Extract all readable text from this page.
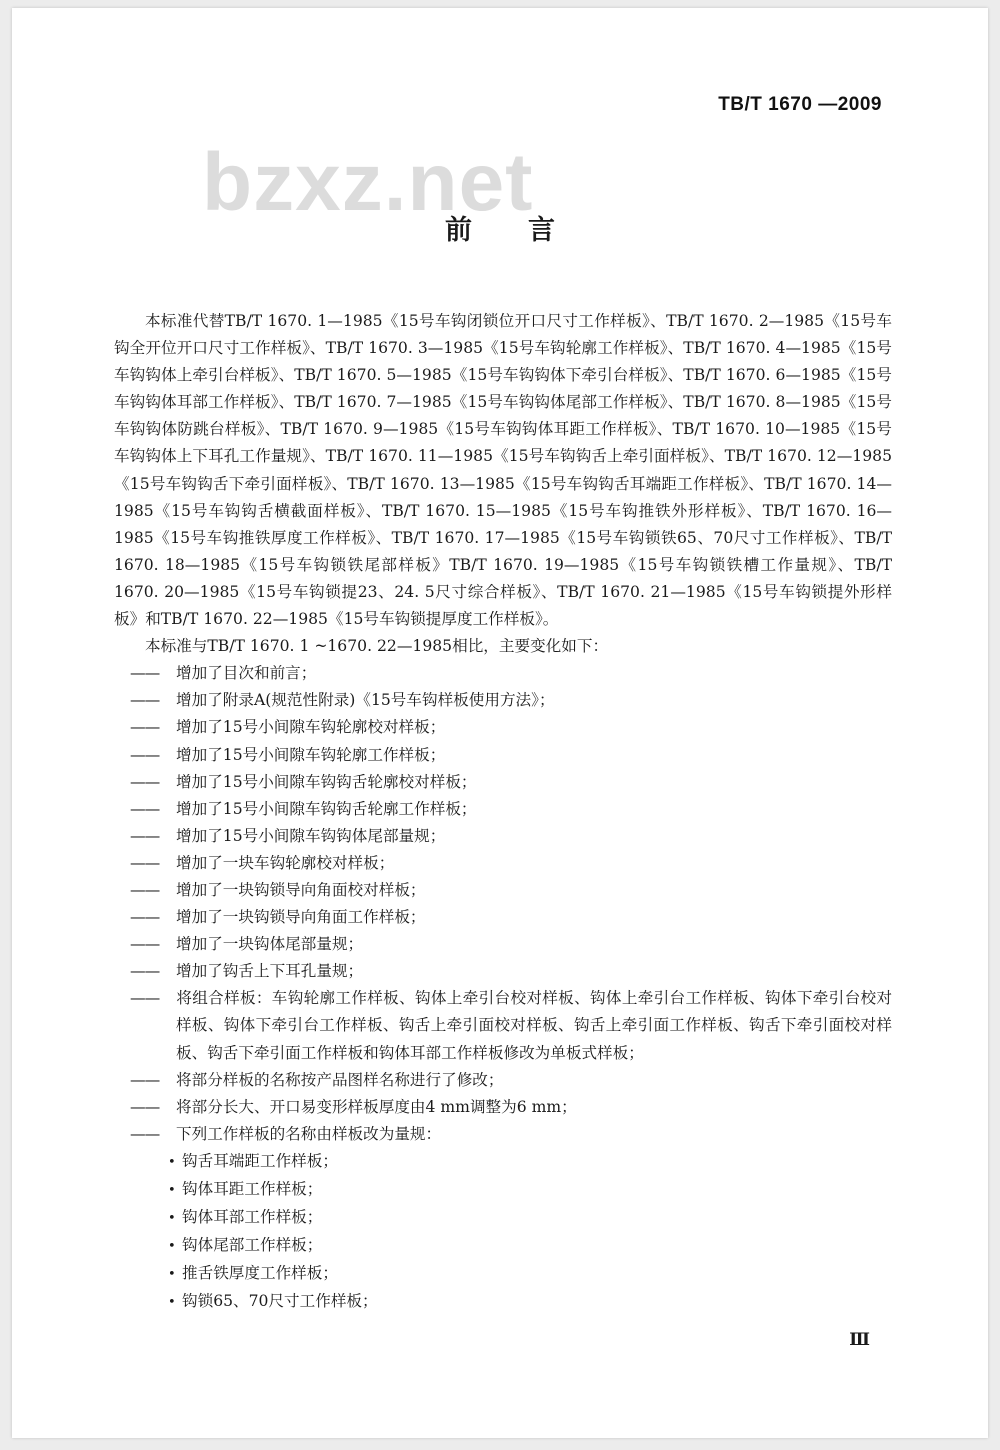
TB/T 1670 —2009
bzxz.net
前言

本标准代替TB/T 1670. 1—1985《15号车钩闭锁位开口尺寸工作样板》、TB/T 1670. 2—1985《15号车钩全开位开口尺寸工作样板》、TB/T 1670. 3—1985《15号车钩轮廓工作样板》、TB/T 1670. 4—1985《15号车钩钩体上牵引台样板》、TB/T 1670. 5—1985《15号车钩钩体下牵引台样板》、TB/T 1670. 6—1985《15号车钩钩体耳部工作样板》、TB/T 1670. 7—1985《15号车钩钩体尾部工作样板》、TB/T 1670. 8—1985《15号车钩钩体防跳台样板》、TB/T 1670. 9—1985《15号车钩钩体耳距工作样板》、TB/T 1670. 10—1985《15号车钩钩体上下耳孔工作量规》、TB/T 1670. 11—1985《15号车钩钩舌上牵引面样板》、TB/T 1670. 12—1985《15号车钩钩舌下牵引面样板》、TB/T 1670. 13—1985《15号车钩钩舌耳端距工作样板》、TB/T 1670. 14—1985《15号车钩钩舌横截面样板》、TB/T 1670. 15—1985《15号车钩推铁外形样板》、TB/T 1670. 16—1985《15号车钩推铁厚度工作样板》、TB/T 1670. 17—1985《15号车钩锁铁65、70尺寸工作样板》、TB/T 1670. 18—1985《15号车钩锁铁尾部样板》TB/T 1670. 19—1985《15号车钩锁铁槽工作量规》、TB/T 1670. 20—1985《15号车钩锁提23、24. 5尺寸综合样板》、TB/T 1670. 21—1985《15号车钩锁提外形样板》和TB/T 1670. 22—1985《15号车钩锁提厚度工作样板》。

本标准与TB/T 1670. 1 ~1670. 22—1985相比，主要变化如下：

—— 增加了目次和前言；
—— 增加了附录A(规范性附录)《15号车钩样板使用方法》；
—— 增加了15号小间隙车钩轮廓校对样板；
—— 增加了15号小间隙车钩轮廓工作样板；
—— 增加了15号小间隙车钩钩舌轮廓校对样板；
—— 增加了15号小间隙车钩钩舌轮廓工作样板；
—— 增加了15号小间隙车钩钩体尾部量规；
—— 增加了一块车钩轮廓校对样板；
—— 增加了一块钩锁导向角面校对样板；
—— 增加了一块钩锁导向角面工作样板；
—— 增加了一块钩体尾部量规；
—— 增加了钩舌上下耳孔量规；
—— 将组合样板：车钩轮廓工作样板、钩体上牵引台校对样板、钩体上牵引台工作样板、钩体下牵引台校对样板、钩体下牵引台工作样板、钩舌上牵引面校对样板、钩舌上牵引面工作样板、钩舌下牵引面校对样板、钩舌下牵引面工作样板和钩体耳部工作样板修改为单板式样板；
—— 将部分样板的名称按产品图样名称进行了修改；
—— 将部分长大、开口易变形样板厚度由4 mm调整为6 mm；
—— 下列工作样板的名称由样板改为量规：
• 钩舌耳端距工作样板；
• 钩体耳距工作样板；
• 钩体耳部工作样板；
• 钩体尾部工作样板；
• 推舌铁厚度工作样板；
• 钩锁65、70尺寸工作样板；
Ⅲ
